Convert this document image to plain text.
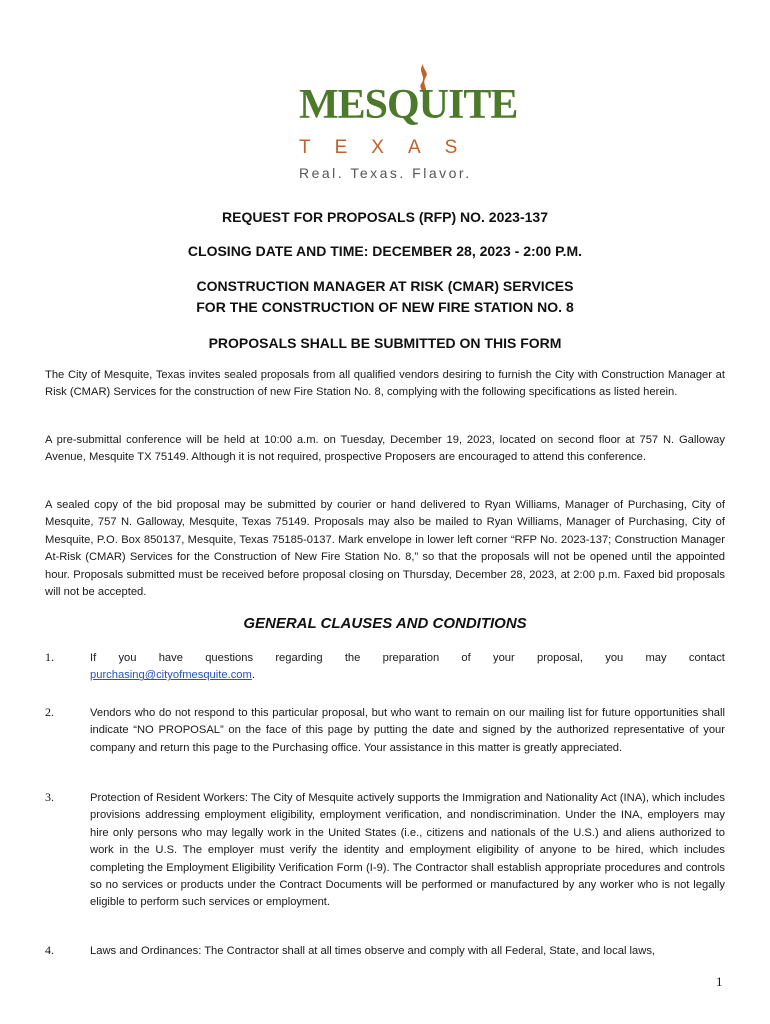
MESQUITE
TEXAS
Real. Texas. Flavor.
REQUEST FOR PROPOSALS (RFP) NO. 2023-137
CLOSING DATE AND TIME: DECEMBER 28, 2023 - 2:00 P.M.
CONSTRUCTION MANAGER AT RISK (CMAR) SERVICES
FOR THE CONSTRUCTION OF NEW FIRE STATION NO. 8
PROPOSALS SHALL BE SUBMITTED ON THIS FORM
The City of Mesquite, Texas invites sealed proposals from all qualified vendors desiring to furnish the City with Construction Manager at Risk (CMAR) Services for the construction of new Fire Station No. 8, complying with the following specifications as listed herein.
A pre-submittal conference will be held at 10:00 a.m. on Tuesday, December 19, 2023, located on second floor at 757 N. Galloway Avenue, Mesquite TX 75149. Although it is not required, prospective Proposers are encouraged to attend this conference.
A sealed copy of the bid proposal may be submitted by courier or hand delivered to Ryan Williams, Manager of Purchasing, City of Mesquite, 757 N. Galloway, Mesquite, Texas 75149. Proposals may also be mailed to Ryan Williams, Manager of Purchasing, City of Mesquite, P.O. Box 850137, Mesquite, Texas 75185-0137. Mark envelope in lower left corner “RFP No. 2023-137; Construction Manager At-Risk (CMAR) Services for the Construction of New Fire Station No. 8,” so that the proposals will not be opened until the appointed hour. Proposals submitted must be received before proposal closing on Thursday, December 28, 2023, at 2:00 p.m. Faxed bid proposals will not be accepted.
GENERAL CLAUSES AND CONDITIONS
1.	If you have questions regarding the preparation of your proposal, you may contact
purchasing@cityofmesquite.com.
2.	Vendors who do not respond to this particular proposal, but who want to remain on our mailing list for future opportunities shall indicate “NO PROPOSAL” on the face of this page by putting the date and signed by the authorized representative of your company and return this page to the Purchasing office. Your assistance in this matter is greatly appreciated.
3.	Protection of Resident Workers: The City of Mesquite actively supports the Immigration and Nationality Act (INA), which includes provisions addressing employment eligibility, employment verification, and nondiscrimination. Under the INA, employers may hire only persons who may legally work in the United States (i.e., citizens and nationals of the U.S.) and aliens authorized to work in the U.S. The employer must verify the identity and employment eligibility of anyone to be hired, which includes completing the Employment Eligibility Verification Form (I-9). The Contractor shall establish appropriate procedures and controls so no services or products under the Contract Documents will be performed or manufactured by any worker who is not legally eligible to perform such services or employment.
4.	Laws and Ordinances: The Contractor shall at all times observe and comply with all Federal, State, and local laws,
1
